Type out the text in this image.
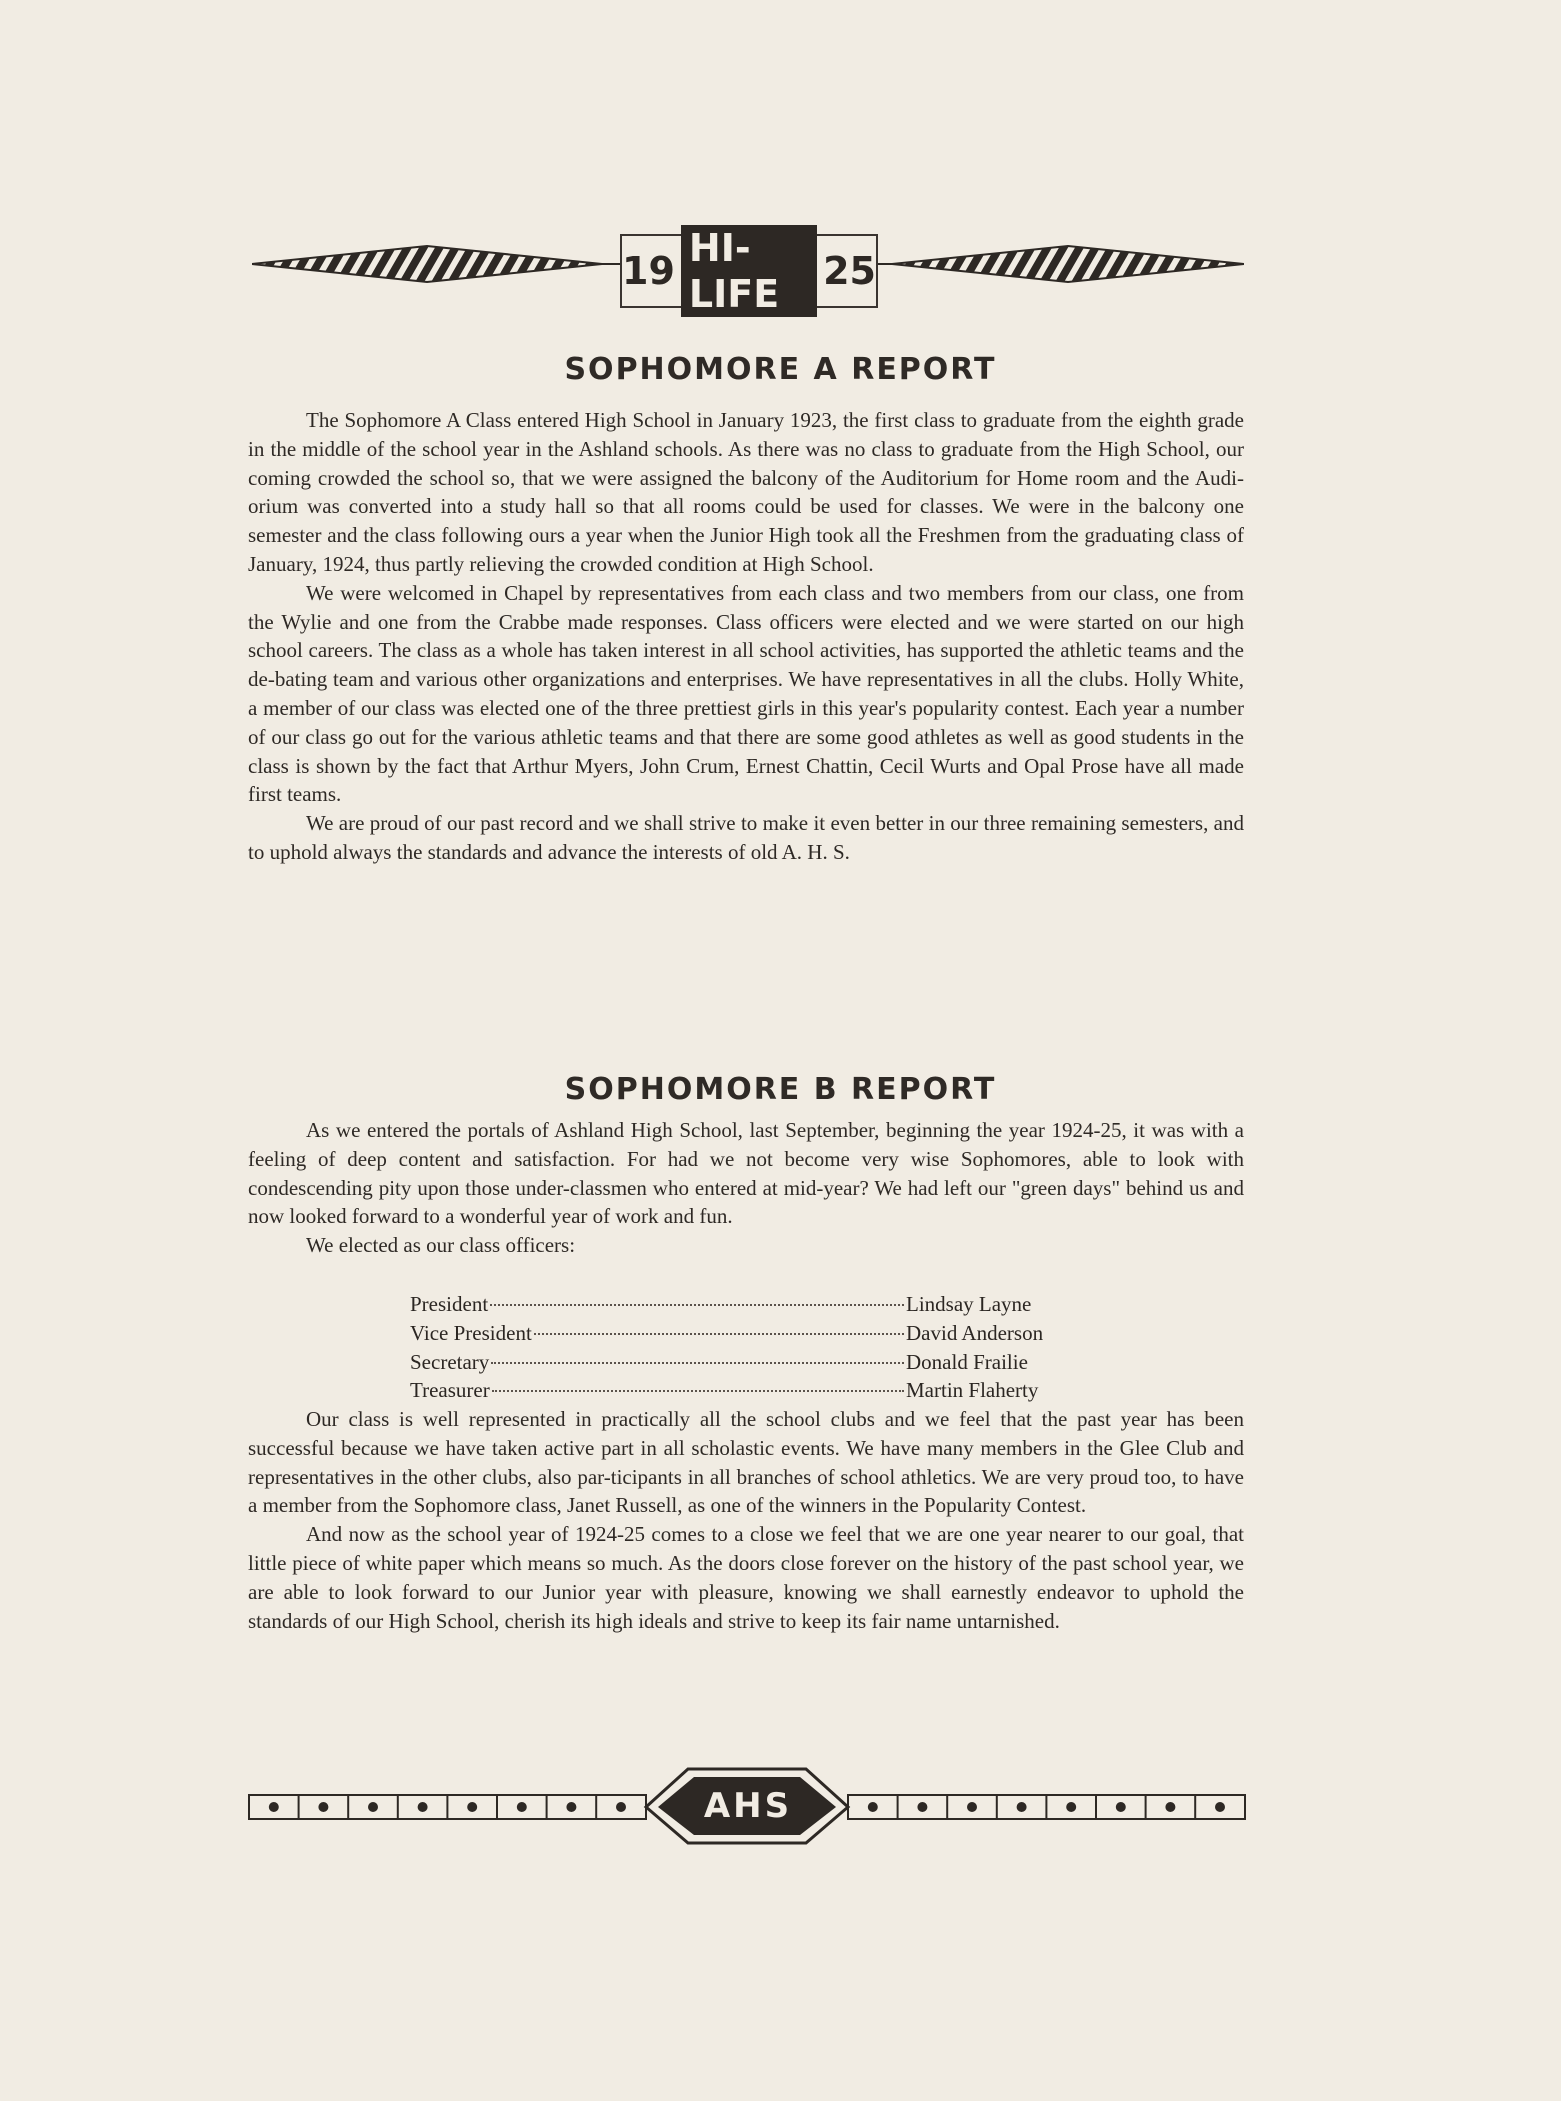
19
HI-LIFE
25
SOPHOMORE A REPORT

The Sophomore A Class entered High School in January 1923, the first class to graduate from the eighth grade in the middle of the school year in the Ashland schools. As there was no class to graduate from the High School, our coming crowded the school so, that we were assigned the balcony of the Auditorium for Home room and the Audi-orium was converted into a study hall so that all rooms could be used for classes. We were in the balcony one semester and the class following ours a year when the Junior High took all the Freshmen from the graduating class of January, 1924, thus partly relieving the crowded condition at High School.

We were welcomed in Chapel by representatives from each class and two members from our class, one from the Wylie and one from the Crabbe made responses. Class officers were elected and we were started on our high school careers. The class as a whole has taken interest in all school activities, has supported the athletic teams and the de-bating team and various other organizations and enterprises. We have representatives in all the clubs. Holly White, a member of our class was elected one of the three prettiest girls in this year's popularity contest. Each year a number of our class go out for the various athletic teams and that there are some good athletes as well as good students in the class is shown by the fact that Arthur Myers, John Crum, Ernest Chattin, Cecil Wurts and Opal Prose have all made first teams.

We are proud of our past record and we shall strive to make it even better in our three remaining semesters, and to uphold always the standards and advance the interests of old A. H. S.

SOPHOMORE B REPORT

As we entered the portals of Ashland High School, last September, beginning the year 1924-25, it was with a feeling of deep content and satisfaction. For had we not become very wise Sophomores, able to look with condescending pity upon those under-classmen who entered at mid-year? We had left our "green days" behind us and now looked forward to a wonderful year of work and fun.

We elected as our class officers:

President	Lindsay Layne
Vice President	David Anderson
Secretary	Donald Frailie
Treasurer	Martin Flaherty

Our class is well represented in practically all the school clubs and we feel that the past year has been successful because we have taken active part in all scholastic events. We have many members in the Glee Club and representatives in the other clubs, also par-ticipants in all branches of school athletics. We are very proud too, to have a member from the Sophomore class, Janet Russell, as one of the winners in the Popularity Contest.

And now as the school year of 1924-25 comes to a close we feel that we are one year nearer to our goal, that little piece of white paper which means so much. As the doors close forever on the history of the past school year, we are able to look forward to our Junior year with pleasure, knowing we shall earnestly endeavor to uphold the standards of our High School, cherish its high ideals and strive to keep its fair name untarnished.

AHS
